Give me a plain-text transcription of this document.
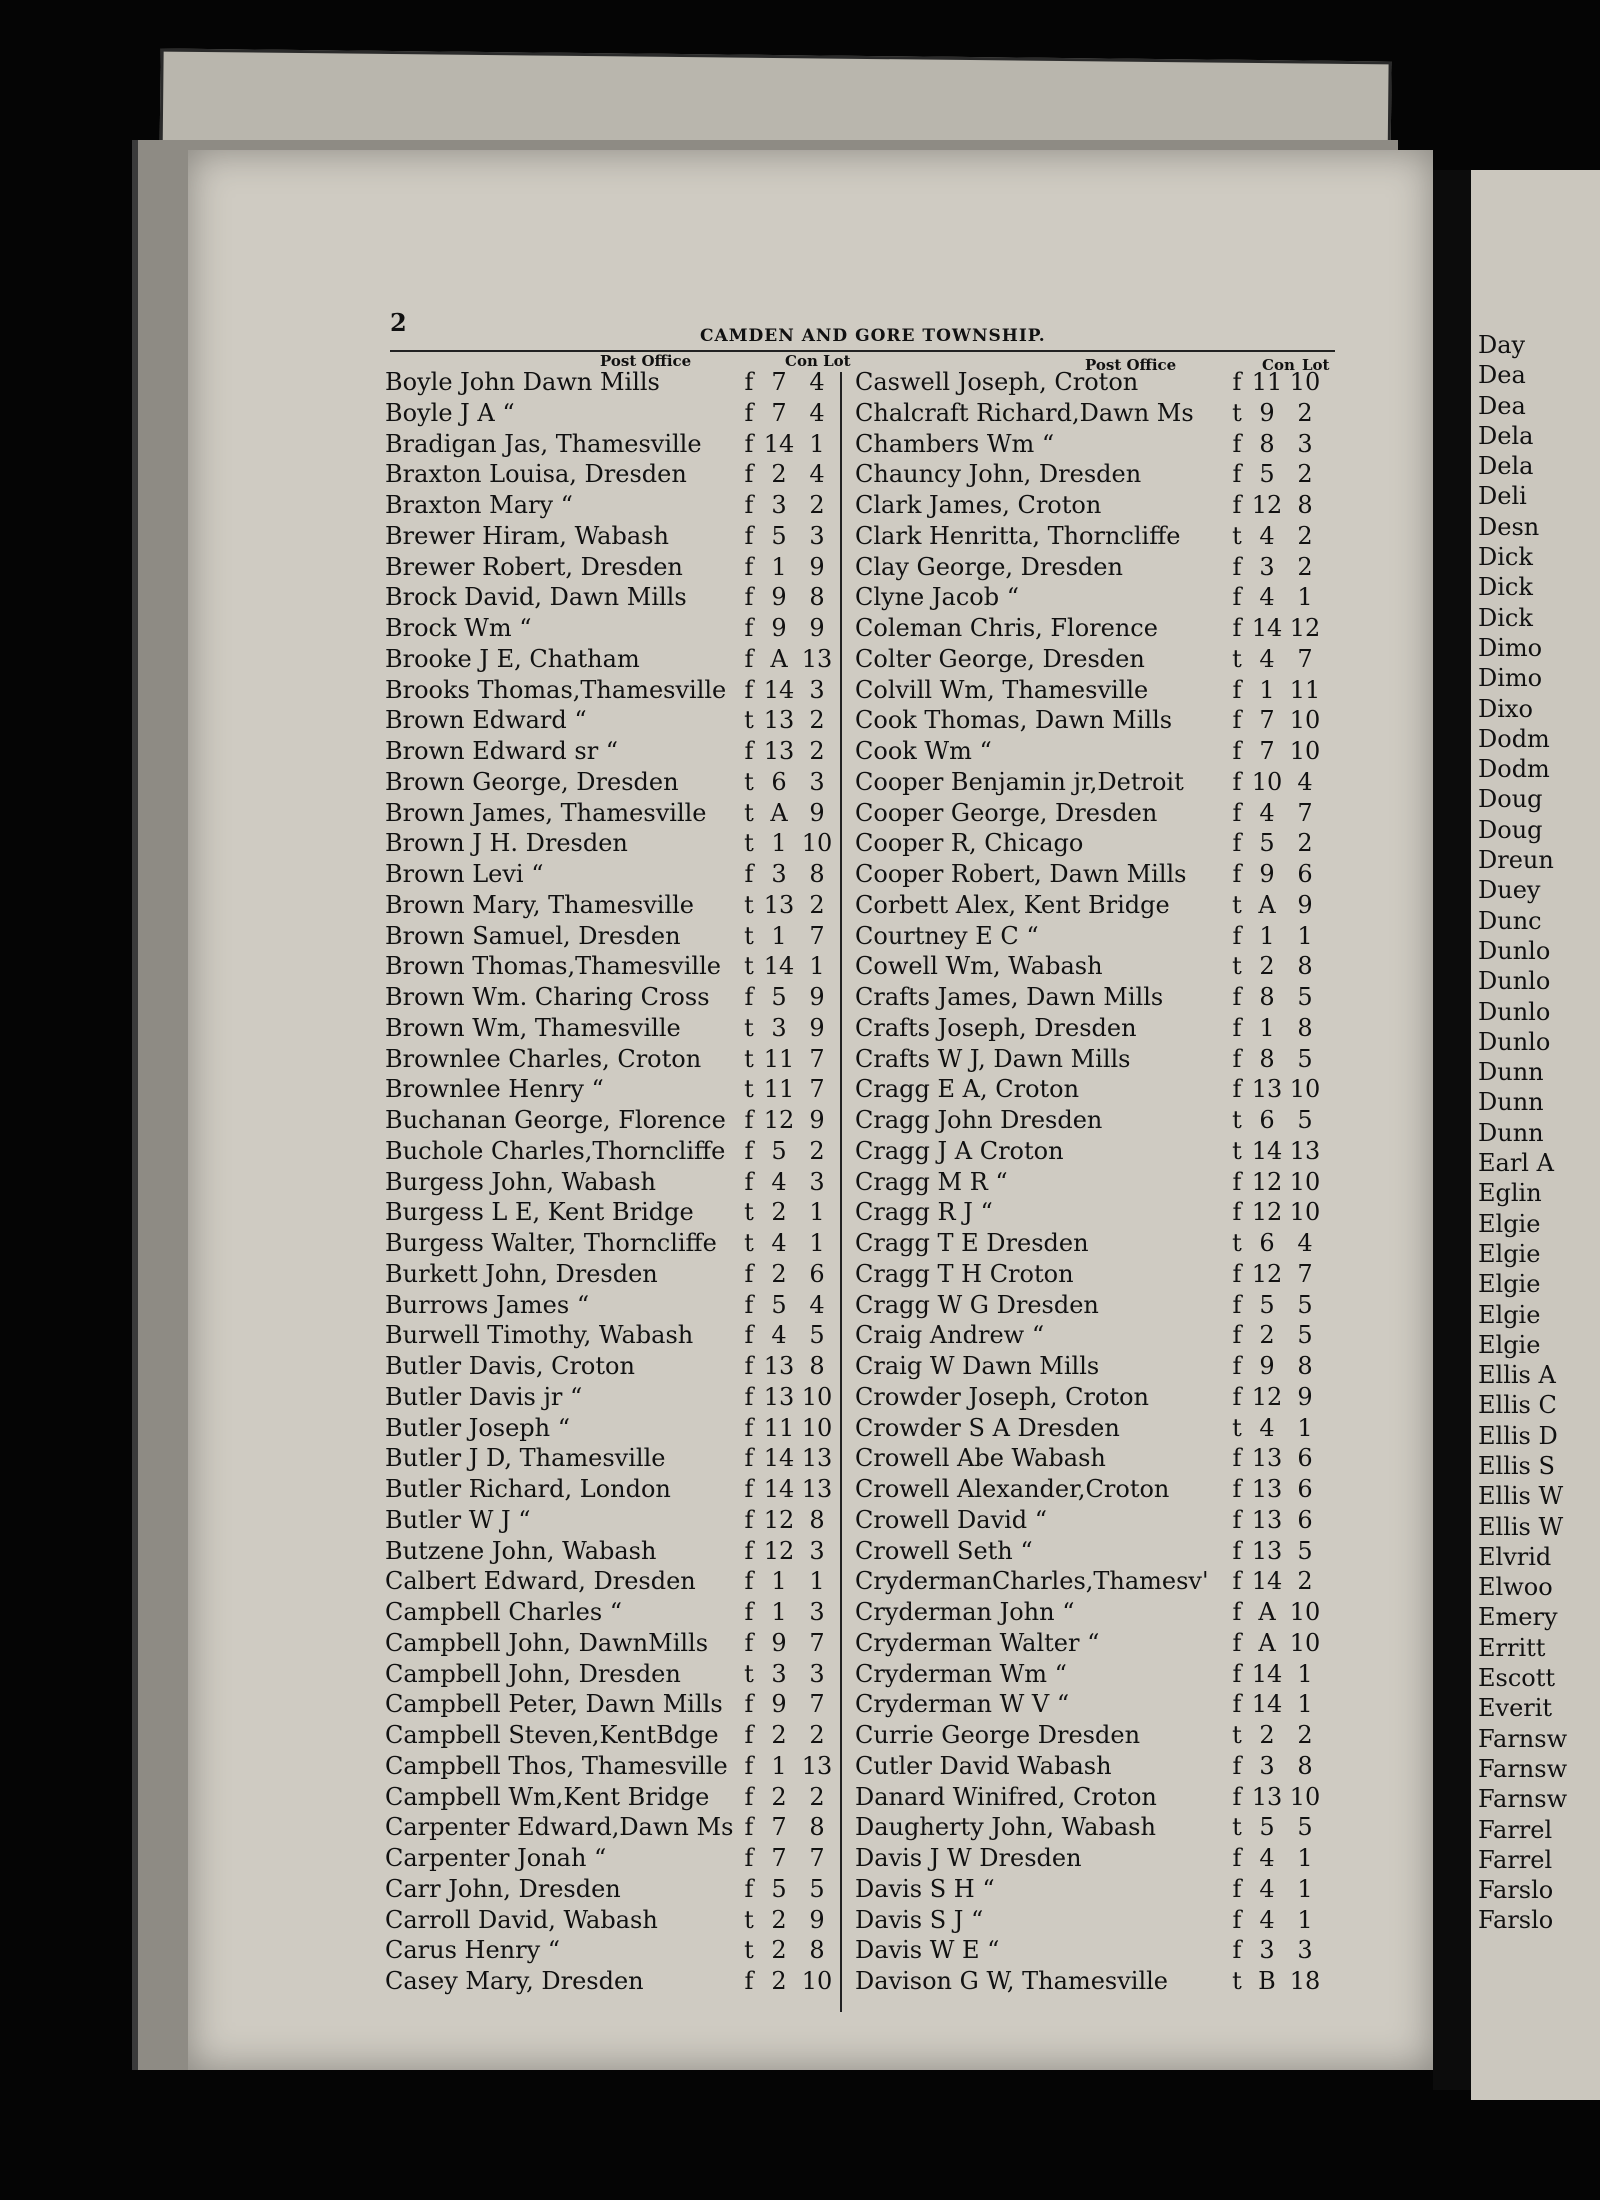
2	CAMDEN AND GORE TOWNSHIP.
Post Office	Con Lot	Post Office	Con Lot
Boyle John Dawn Mills	f 7 4
Boyle J A “	f 7 4
Bradigan Jas, Thamesville	f 14 1
Braxton Louisa, Dresden	f 2 4
Braxton Mary “	f 3 2
Brewer Hiram, Wabash	f 5 3
Brewer Robert, Dresden	f 1 9
Brock David, Dawn Mills	f 9 8
Brock Wm “	f 9 9
Brooke J E, Chatham	f A 13
Brooks Thomas,Thamesville f 14 3
Brown Edward “	t 13 2
Brown Edward sr “	f 13 2
Brown George, Dresden	t 6 3
Brown James, Thamesville t A 9
Brown J H. Dresden	t 1 10
Brown Levi “	f 3 8
Brown Mary, Thamesville t 13 2
Brown Samuel, Dresden	t 1 7
Brown Thomas,Thamesville t 14 1
Brown Wm. Charing Cross	f 5 9
Brown Wm, Thamesville	t 3 9
Brownlee Charles, Croton t 11 7
Brownlee Henry “	t 11 7
Buchanan George, Florence f 12 9
Buchole Charles,Thorncliffe f 5 2
Burgess John, Wabash	f 4 3
Burgess L E, Kent Bridge t 2 1
Burgess Walter, Thorncliffe t 4 1
Burkett John, Dresden	f 2 6
Burrows James “	f 5 4
Burwell Timothy, Wabash	f 4 5
Butler Davis, Croton	f 13 8
Butler Davis jr “	f 13 10
Butler Joseph “	f 11 10
Butler J D, Thamesville	f 14 13
Butler Richard, London	f 14 13
Butler W J “	f 12 8
Butzene John, Wabash	f 12 3
Calbert Edward, Dresden	f 1 1
Campbell Charles “	f 1 3
Campbell John, DawnMills	f 9 7
Campbell John, Dresden	t 3 3
Campbell Peter, Dawn Mills f 9 7
Campbell Steven,KentBdge	f 2 2
Campbell Thos, Thamesville f 1 13
Campbell Wm,Kent Bridge	f 2 2
Carpenter Edward,Dawn Ms f 7 8
Carpenter Jonah “	f 7 7
Carr John, Dresden	f 5 5
Carroll David, Wabash	t 2 9
Carus Henry “	t 2 8
Casey Mary, Dresden	f 2 10
Caswell Joseph, Croton	f 11 10
Chalcraft Richard,Dawn Ms t 9 2
Chambers Wm “	f 8 3
Chauncy John, Dresden	f 5 2
Clark James, Croton	f 12 8
Clark Henritta, Thorncliffe t 4 2
Clay George, Dresden	f 3 2
Clyne Jacob “	f 4 1
Coleman Chris, Florence	f 14 12
Colter George, Dresden	t 4 7
Colvill Wm, Thamesville	f 1 11
Cook Thomas, Dawn Mills	f 7 10
Cook Wm “	f 7 10
Cooper Benjamin jr,Detroit	f 10 4
Cooper George, Dresden	f 4 7
Cooper R, Chicago	f 5 2
Cooper Robert, Dawn Mills	f 9 6
Corbett Alex, Kent Bridge	t A 9
Courtney E C “	f 1 1
Cowell Wm, Wabash	t 2 8
Crafts James, Dawn Mills	f 8 5
Crafts Joseph, Dresden	f 1 8
Crafts W J, Dawn Mills	f 8 5
Cragg E A, Croton	f 13 10
Cragg John Dresden	t 6 5
Cragg J A Croton	t 14 13
Cragg M R “	f 12 10
Cragg R J “	f 12 10
Cragg T E Dresden	t 6 4
Cragg T H Croton	f 12 7
Cragg W G Dresden	f 5 5
Craig Andrew “	f 2 5
Craig W Dawn Mills	f 9 8
Crowder Joseph, Croton	f 12 9
Crowder S A Dresden	t 4 1
Crowell Abe Wabash	f 13 6
Crowell Alexander,Croton	f 13 6
Crowell David “	f 13 6
Crowell Seth “	f 13 5
CrydermanCharles,Thamesv' f 14 2
Cryderman John “	f A 10
Cryderman Walter “	f A 10
Cryderman Wm “	f 14 1
Cryderman W V “	f 14 1
Currie George Dresden	t 2 2
Cutler David Wabash	f 3 8
Danard Winifred, Croton	f 13 10
Daugherty John, Wabash	t 5 5
Davis J W Dresden	f 4 1
Davis S H “	f 4 1
Davis S J “	f 4 1
Davis W E “	f 3 3
Davison G W, Thamesville	t B 18
Day
Dea
Dea
Dela
Dela
Deli
Desn
Dick
Dick
Dick
Dimo
Dimo
Dixo
Dodm
Dodm
Doug
Doug
Dreun
Duey
Dunc
Dunlo
Dunlo
Dunlo
Dunlo
Dunn
Dunn
Dunn
Earl A
Eglin
Elgie
Elgie
Elgie
Elgie
Elgie
Ellis A
Ellis C
Ellis D
Ellis S
Ellis W
Ellis W
Elvrid
Elwoo
Emery
Erritt
Escott
Everit
Farnsw
Farnsw
Farnsw
Farrel
Farrel
Farslo
Farslo
